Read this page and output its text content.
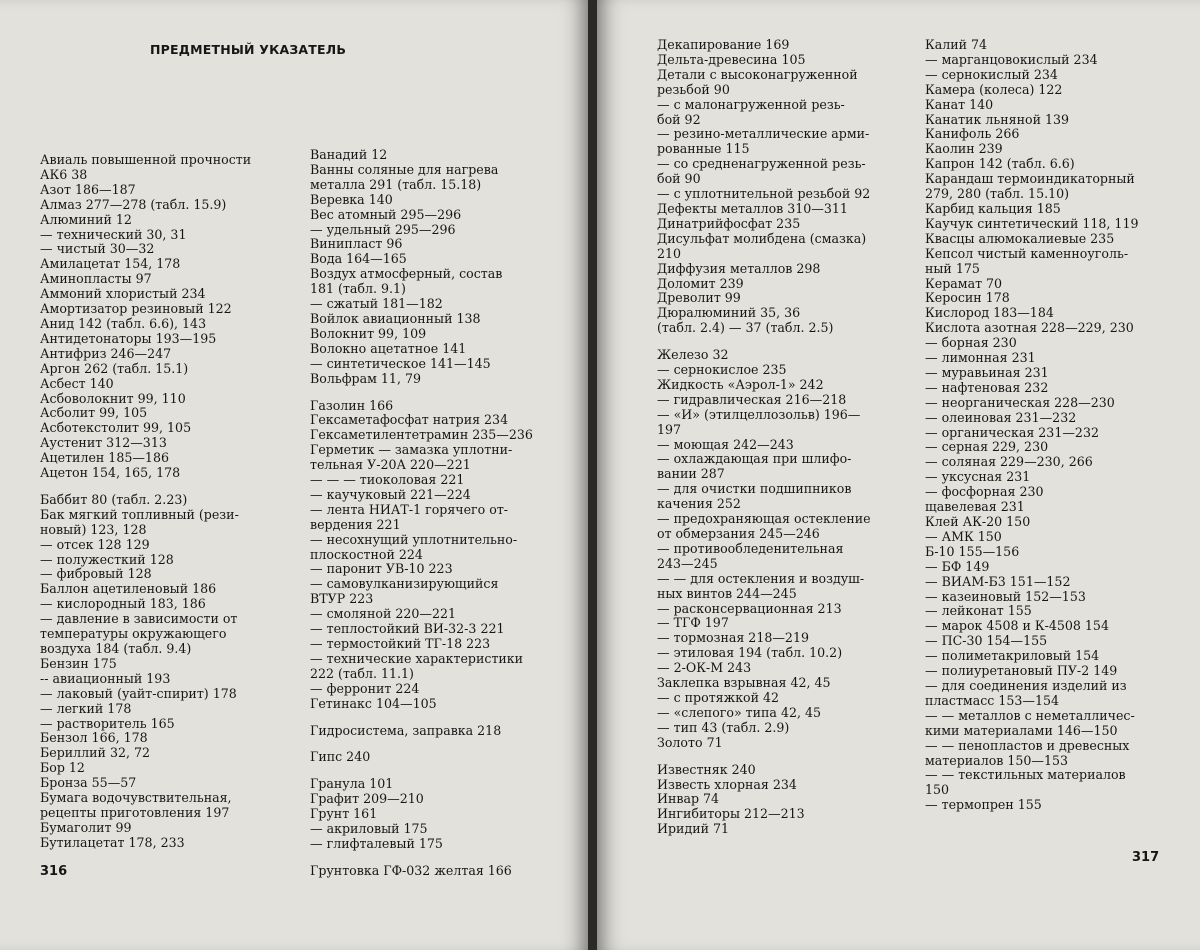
ПРЕДМЕТНЫЙ УКАЗАТЕЛЬ
Авиаль повышенной прочности
АК6 38
Азот 186—187
Алмаз 277—278 (табл. 15.9)
Алюминий 12
— технический 30, 31
— чистый 30—32
Амилацетат 154, 178
Аминопласты 97
Аммоний хлористый 234
Амортизатор резиновый 122
Анид 142 (табл. 6.6), 143
Антидетонаторы 193—195
Антифриз 246—247
Аргон 262 (табл. 15.1)
Асбест 140
Асбоволокнит 99, 110
Асболит 99, 105
Асботекстолит 99, 105
Аустенит 312—313
Ацетилен 185—186
Ацетон 154, 165, 178
Баббит 80 (табл. 2.23)
Бак мягкий топливный (рези-
новый) 123, 128
— отсек 128 129
— полужесткий 128
— фибровый 128
Баллон ацетиленовый 186
— кислородный 183, 186
— давление в зависимости от
температуры окружающего
воздуха 184 (табл. 9.4)
Бензин 175
-- авиационный 193
— лаковый (уайт-спирит) 178
— легкий 178
— растворитель 165
Бензол 166, 178
Бериллий 32, 72
Бор 12
Бронза 55—57
Бумага водочувствительная,
рецепты приготовления 197
Бумаголит 99
Бутилацетат 178, 233
Ванадий 12
Ванны соляные для нагрева
металла 291 (табл. 15.18)
Веревка 140
Вес атомный 295—296
— удельный 295—296
Винипласт 96
Вода 164—165
Воздух атмосферный, состав
181 (табл. 9.1)
— сжатый 181—182
Войлок авиационный 138
Волокнит 99, 109
Волокно ацетатное 141
— синтетическое 141—145
Вольфрам 11, 79
Газолин 166
Гексаметафосфат натрия 234
Гексаметилентетрамин 235—236
Герметик — замазка уплотни-
тельная У-20А 220—221
— — — тиоколовая 221
— каучуковый 221—224
— лента НИАТ-1 горячего от-
вердения 221
— несохнущий уплотнительно-
плоскостной 224
— паронит УВ-10 223
— самовулканизирующийся
ВТУР 223
— смоляной 220—221
— теплостойкий ВИ-32-3 221
— термостойкий ТГ-18 223
— технические характеристики
222 (табл. 11.1)
— ферронит 224
Гетинакс 104—105
Гидросистема, заправка 218
Гипс 240
Гранула 101
Графит 209—210
Грунт 161
— акриловый 175
— глифталевый 175
Грунтовка ГФ-032 желтая 166
316
Декапирование 169
Дельта-древесина 105
Детали с высоконагруженной
резьбой 90
— с малонагруженной резь-
бой 92
— резино-металлические арми-
рованные 115
— со средненагруженной резь-
бой 90
— с уплотнительной резьбой 92
Дефекты металлов 310—311
Динатрийфосфат 235
Дисульфат молибдена (смазка)
210
Диффузия металлов 298
Доломит 239
Древолит 99
Дюралюминий 35, 36
(табл. 2.4) — 37 (табл. 2.5)
Железо 32
— сернокислое 235
Жидкость «Аэрол-1» 242
— гидравлическая 216—218
— «И» (этилцеллозольв) 196—
197
— моющая 242—243
— охлаждающая при шлифо-
вании 287
— для очистки подшипников
качения 252
— предохраняющая остекление
от обмерзания 245—246
— противообледенительная
243—245
— — для остекления и воздуш-
ных винтов 244—245
— расконсервационная 213
— ТГФ 197
— тормозная 218—219
— этиловая 194 (табл. 10.2)
— 2-ОК-М 243
Заклепка взрывная 42, 45
— с протяжкой 42
— «слепого» типа 42, 45
— тип 43 (табл. 2.9)
Золото 71
Известняк 240
Известь хлорная 234
Инвар 74
Ингибиторы 212—213
Иридий 71
Калий 74
— марганцовокислый 234
— сернокислый 234
Камера (колеса) 122
Канат 140
Канатик льняной 139
Канифоль 266
Каолин 239
Капрон 142 (табл. 6.6)
Карандаш термоиндикаторный
279, 280 (табл. 15.10)
Карбид кальция 185
Каучук синтетический 118, 119
Квасцы алюмокалиевые 235
Кепсол чистый каменноуголь-
ный 175
Керамат 70
Керосин 178
Кислород 183—184
Кислота азотная 228—229, 230
— борная 230
— лимонная 231
— муравьиная 231
— нафтеновая 232
— неорганическая 228—230
— олеиновая 231—232
— органическая 231—232
— серная 229, 230
— соляная 229—230, 266
— уксусная 231
— фосфорная 230
щавелевая 231
Клей АК-20 150
— АМК 150
Б-10 155—156
— БФ 149
— ВИАМ-Б3 151—152
— казеиновый 152—153
— лейконат 155
— марок 4508 и К-4508 154
— ПС-30 154—155
— полиметакриловый 154
— полиуретановый ПУ-2 149
— для соединения изделий из
пластмасс 153—154
— — металлов с неметалличес-
кими материалами 146—150
— — пенопластов и древесных
материалов 150—153
— — текстильных материалов
150
— термопрен 155
317
